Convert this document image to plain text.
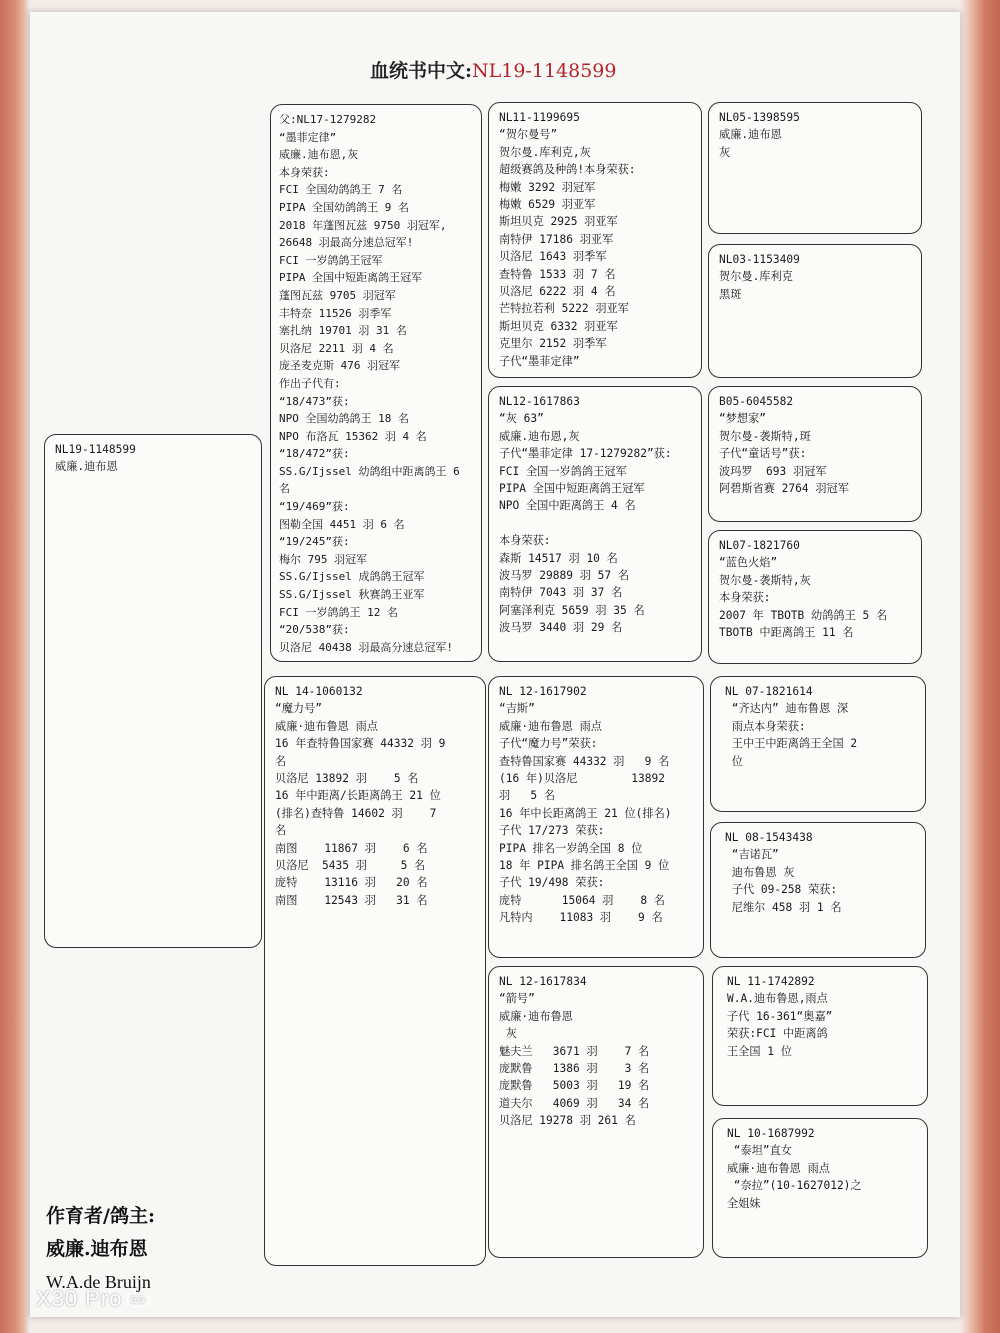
血统书中文:NL19-1148599
NL19-1148599
威廉.迪布恩
父:NL17-1279282
“墨菲定律”
威廉.迪布恩,灰
本身荣获:
FCI 全国幼鸽鸽王 7 名
PIPA 全国幼鸽鸽王 9 名
2018 年蓬图瓦兹 9750 羽冠军,
26648 羽最高分速总冠军!
FCI 一岁鸽鸽王冠军
PIPA 全国中短距离鸽王冠军
蓬图瓦兹 9705 羽冠军
丰特奈 11526 羽季军
塞扎纳 19701 羽 31 名
贝洛尼 2211 羽 4 名
庞圣麦克斯 476 羽冠军
作出子代有:
“18/473”获:
NPO 全国幼鸽鸽王 18 名
NPO 布洛瓦 15362 羽 4 名
“18/472”获:
SS.G/Ijssel 幼鸽组中距离鸽王 6
名
“19/469”获:
图勒全国 4451 羽 6 名
“19/245”获:
梅尔 795 羽冠军
SS.G/Ijssel 成鸽鸽王冠军
SS.G/Ijssel 秋赛鸽王亚军
FCI 一岁鸽鸽王 12 名
“20/538”获:
贝洛尼 40438 羽最高分速总冠军!
NL 14-1060132
“魔力号”
威廉·迪布鲁恩 雨点
16 年查特鲁国家赛 44332 羽 9
名
贝洛尼 13892 羽    5 名
16 年中距离/长距离鸽王 21 位
(排名)查特鲁 14602 羽    7
名
南图    11867 羽    6 名
贝洛尼  5435 羽     5 名
庞特    13116 羽   20 名
南图    12543 羽   31 名
NL11-1199695
“贺尔曼号”
贺尔曼.库利克,灰
超级赛鸽及种鸽!本身荣获:
梅嫩 3292 羽冠军
梅嫩 6529 羽亚军
斯坦贝克 2925 羽亚军
南特伊 17186 羽亚军
贝洛尼 1643 羽季军
查特鲁 1533 羽 7 名
贝洛尼 6222 羽 4 名
芒特拉若利 5222 羽亚军
斯坦贝克 6332 羽亚军
克里尔 2152 羽季军
子代“墨菲定律”
NL12-1617863
“灰 63”
威廉.迪布恩,灰
子代“墨菲定律 17-1279282”获:
FCI 全国一岁鸽鸽王冠军
PIPA 全国中短距离鸽王冠军
NPO 全国中距离鸽王 4 名

本身荣获:
森斯 14517 羽 10 名
波马罗 29889 羽 57 名
南特伊 7043 羽 37 名
阿塞泽利克 5659 羽 35 名
波马罗 3440 羽 29 名
NL 12-1617902
“吉斯”
威廉·迪布鲁恩 雨点
子代“魔力号”荣获:
查特鲁国家赛 44332 羽   9 名
(16 年)贝洛尼        13892
羽   5 名
16 年中长距离鸽王 21 位(排名)
子代 17/273 荣获:
PIPA 排名一岁鸽全国 8 位
18 年 PIPA 排名鸽王全国 9 位
子代 19/498 荣获:
庞特      15064 羽    8 名
凡特内    11083 羽    9 名
NL 12-1617834
“箭号”
威廉·迪布鲁恩
灰
魅夫兰   3671 羽    7 名
庞默鲁   1386 羽    3 名
庞默鲁   5003 羽   19 名
道夫尔   4069 羽   34 名
贝洛尼 19278 羽 261 名
NL05-1398595
威廉.迪布恩
灰
NL03-1153409
贺尔曼.库利克
黑斑
B05-6045582
“梦想家”
贺尔曼-袭斯特,斑
子代“童话号”获:
波玛罗  693 羽冠军
阿碧斯省赛 2764 羽冠军
NL07-1821760
“蓝色火焰”
贺尔曼-袭斯特,灰
本身荣获:
2007 年 TBOTB 幼鸽鸽王 5 名
TBOTB 中距离鸽王 11 名
NL 07-1821614
“齐达内” 迪布鲁恩 深
雨点本身荣获:
王中王中距离鸽王全国 2
位
NL 08-1543438
“吉诺瓦”
迪布鲁恩 灰
子代 09-258 荣获:
尼维尔 458 羽 1 名
NL 11-1742892
W.A.迪布鲁恩,雨点
子代 16-361“奥嘉”
荣获:FCI 中距离鸽
王全国 1 位
NL 10-1687992
“泰坦”直女
威廉·迪布鲁恩 雨点
“奈拉”(10-1627012)之
全姐妹
作育者/鸽主:
威廉.迪布恩
W.A.de Bruijn
X30 Pro 5G
